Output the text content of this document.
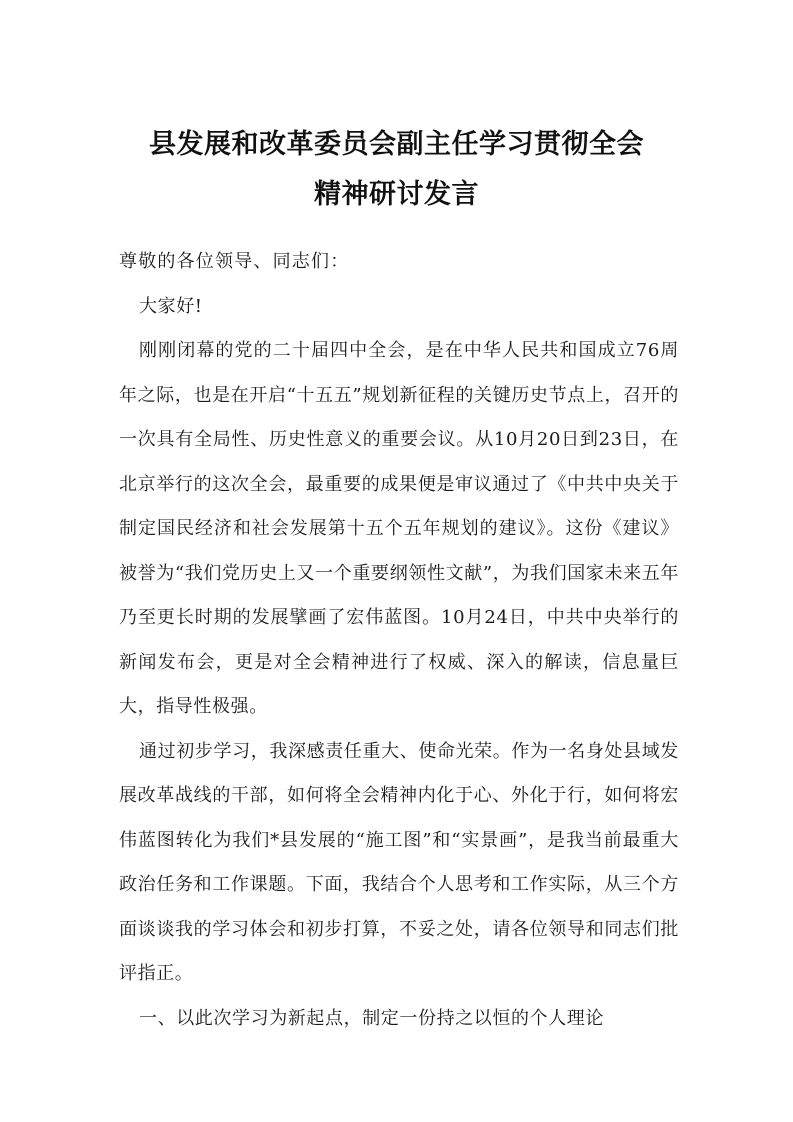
县发展和改革委员会副主任学习贯彻全会
精神研讨发言

尊敬的各位领导、同志们：

大家好!

刚刚闭幕的党的二十届四中全会，是在中华人民共和国成立76周年之际，也是在开启“十五五”规划新征程的关键历史节点上，召开的一次具有全局性、历史性意义的重要会议。从10月20日到23日，在北京举行的这次全会，最重要的成果便是审议通过了《中共中央关于制定国民经济和社会发展第十五个五年规划的建议》。这份《建议》被誉为“我们党历史上又一个重要纲领性文献”，为我们国家未来五年乃至更长时期的发展擘画了宏伟蓝图。10月24日，中共中央举行的新闻发布会，更是对全会精神进行了权威、深入的解读，信息量巨大，指导性极强。

通过初步学习，我深感责任重大、使命光荣。作为一名身处县域发展改革战线的干部，如何将全会精神内化于心、外化于行，如何将宏伟蓝图转化为我们*县发展的“施工图”和“实景画”，是我当前最重大政治任务和工作课题。下面，我结合个人思考和工作实际，从三个方面谈谈我的学习体会和初步打算，不妥之处，请各位领导和同志们批评指正。

一、以此次学习为新起点，制定一份持之以恒的个人理论
